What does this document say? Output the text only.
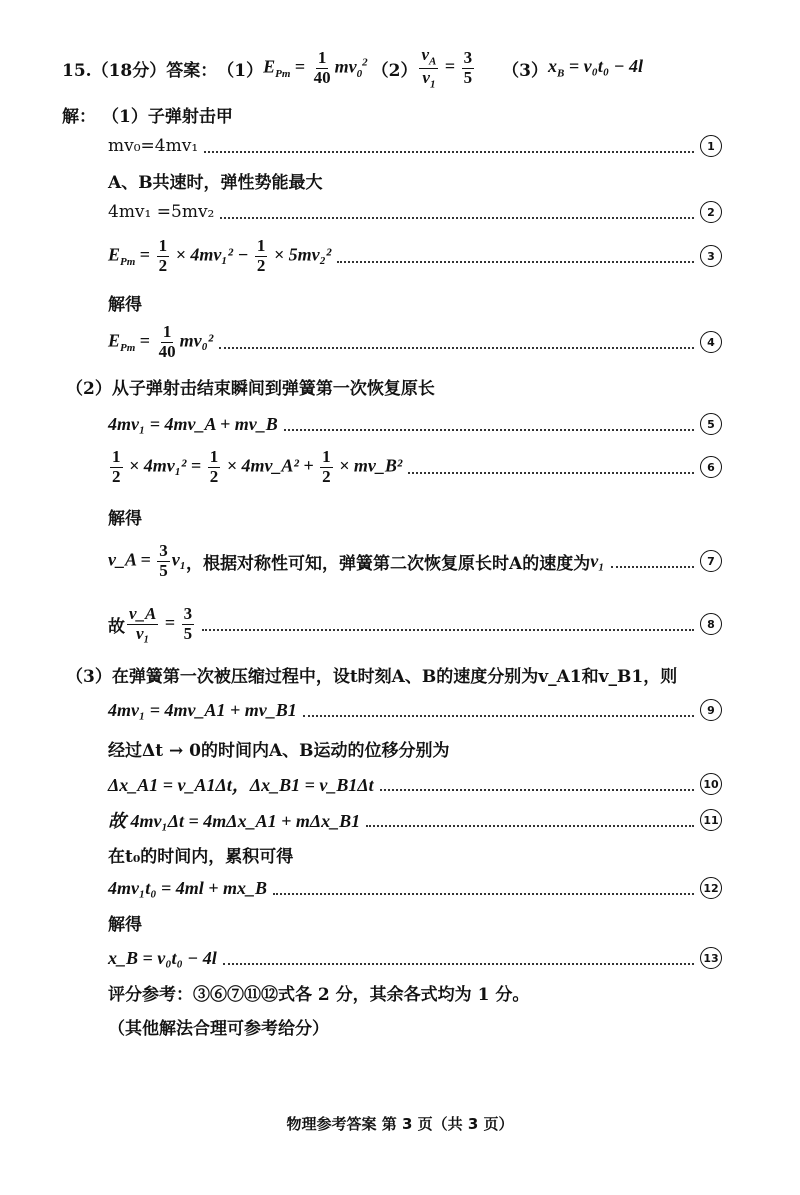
15.（18分）答案： （1） $E_{Pm} = \frac{1}{40} mv_0^2$ $(2) \frac{v_A}{v_1} = \frac{3}{5} (3) x_B = v_0t_0 - 4l$
解： （1）子弹射击甲
mv₀=4mv₁	1
A、B共速时，弹性势能最大
4mv₁ =5mv₂	2
$E_{Pm} = \frac{1}{2} \times 4mv_1^2 - \frac{1}{2} \times 5mv_2^2$	3
解得
$E_{Pm} = \frac{1}{40} mv_0^2$	4
（2）从子弹射击结束瞬间到弹簧第一次恢复原长
4mv₁ = 4mv_A + mv_B	5
$\frac{1}{2} \times 4mv_1^2 = \frac{1}{2}$ × 4mv_A² + $\frac{1}{2}$ × mv_B²	6
解得
v_A = $\frac{3}{5} v_1$ ，根据对称性可知，弹簧第二次恢复原长时A的速度为 v₁	7
故 $\frac{v\_A}{\text{v₁}} = \frac{3}{5}$	8
（3）在弹簧第一次被压缩过程中，设t时刻A、B的速度分别为v_A1和v_B1，则
4mv₁ = 4mv_A1 + mv_B1	9
经过Δt → 0的时间内A、B运动的位移分别为
Δx_A1 = v_A1Δt，Δx_B1 = v_B1Δt	10
故 4mv₁Δt = 4mΔx_A1 + mΔx_B1	11
在t₀的时间内，累积可得
4mv₁t₀ = 4ml + mx_B	12
解得
x_B = v₀t₀ − 4l	13
评分参考：③⑥⑦⑪⑫式各 2 分，其余各式均为 1 分。
（其他解法合理可参考给分）
物理参考答案 第 3 页（共 3 页）
